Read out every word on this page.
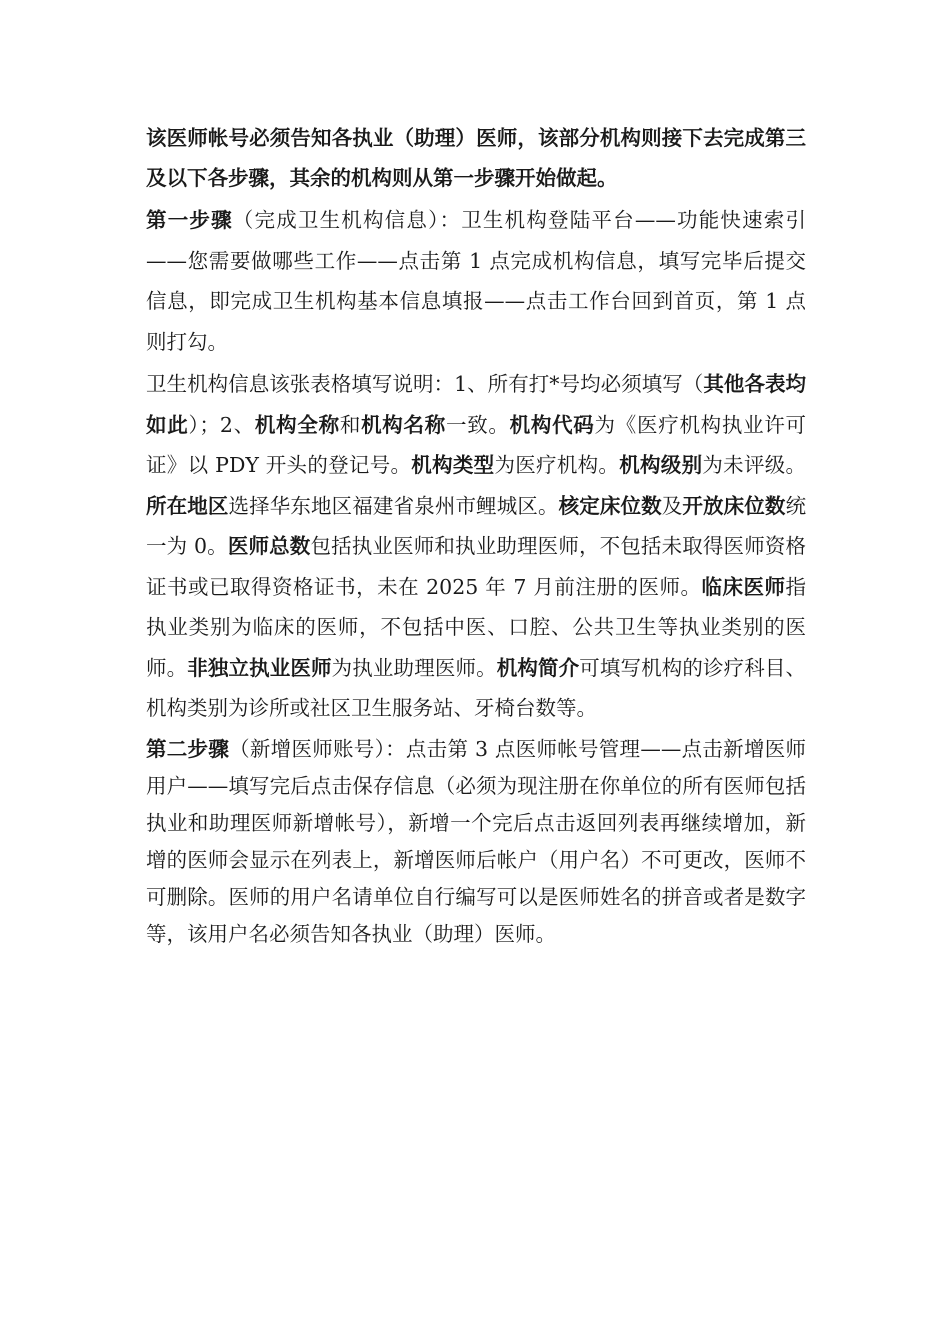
该医师帐号必须告知各执业（助理）医师，该部分机构则接下去完成第三及以下各步骤，其余的机构则从第一步骤开始做起。

第一步骤（完成卫生机构信息）：卫生机构登陆平台——功能快速索引——您需要做哪些工作——点击第 1 点完成机构信息，填写完毕后提交信息，即完成卫生机构基本信息填报——点击工作台回到首页，第 1 点则打勾。

卫生机构信息该张表格填写说明：1、所有打*号均必须填写（其他各表均如此）；2、机构全称和机构名称一致。机构代码为《医疗机构执业许可证》以 PDY 开头的登记号。机构类型为医疗机构。机构级别为未评级。所在地区选择华东地区福建省泉州市鲤城区。核定床位数及开放床位数统一为 0。医师总数包括执业医师和执业助理医师，不包括未取得医师资格证书或已取得资格证书，未在 2025 年 7 月前注册的医师。临床医师指执业类别为临床的医师，不包括中医、口腔、公共卫生等执业类别的医师。非独立执业医师为执业助理医师。机构简介可填写机构的诊疗科目、机构类别为诊所或社区卫生服务站、牙椅台数等。

第二步骤（新增医师账号）：点击第 3 点医师帐号管理——点击新增医师用户——填写完后点击保存信息（必须为现注册在你单位的所有医师包括执业和助理医师新增帐号），新增一个完后点击返回列表再继续增加，新增的医师会显示在列表上，新增医师后帐户（用户名）不可更改，医师不可删除。医师的用户名请单位自行编写可以是医师姓名的拼音或者是数字等，该用户名必须告知各执业（助理）医师。
